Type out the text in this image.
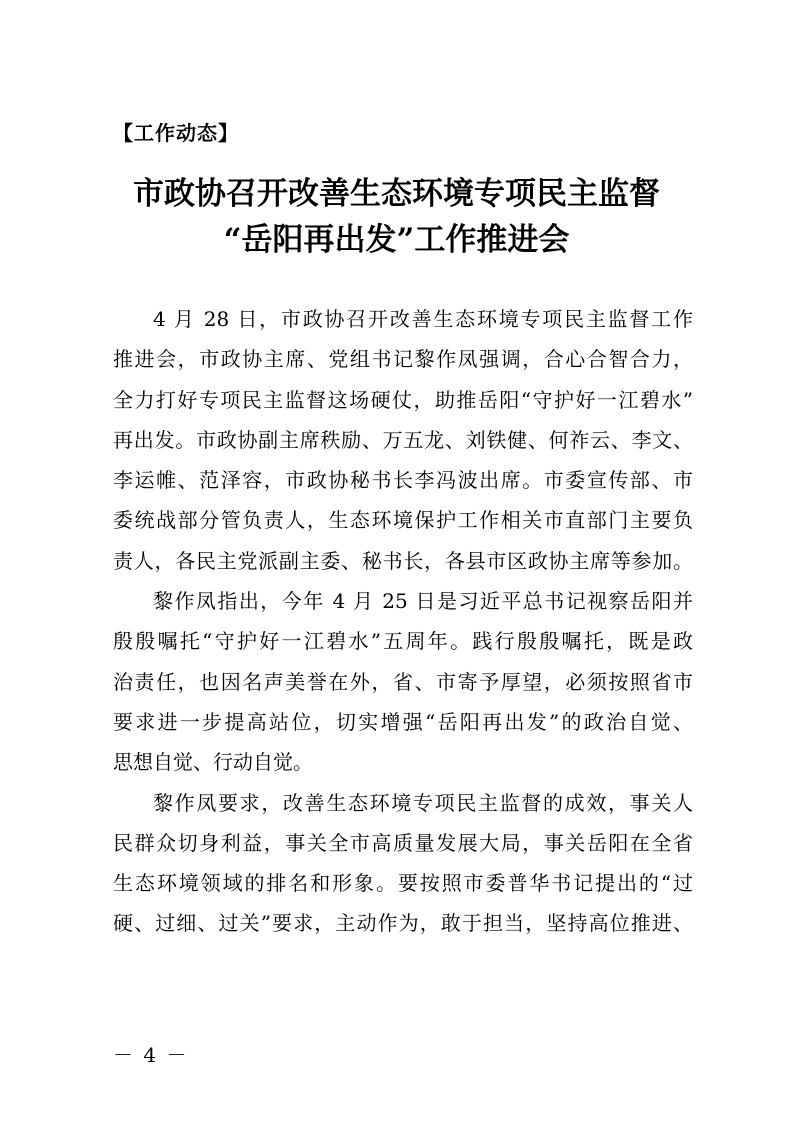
【工作动态】
市政协召开改善生态环境专项民主监督
“岳阳再出发”工作推进会
4 月 28 日，市政协召开改善生态环境专项民主监督工作
推进会，市政协主席、党组书记黎作凤强调，合心合智合力，
全力打好专项民主监督这场硬仗，助推岳阳“守护好一江碧水”
再出发。市政协副主席秩励、万五龙、刘铁健、何祚云、李文、
李运帷、范泽容，市政协秘书长李冯波出席。市委宣传部、市
委统战部分管负责人，生态环境保护工作相关市直部门主要负
责人，各民主党派副主委、秘书长，各县市区政协主席等参加。
黎作凤指出，今年 4 月 25 日是习近平总书记视察岳阳并
殷殷嘱托“守护好一江碧水”五周年。践行殷殷嘱托，既是政
治责任，也因名声美誉在外，省、市寄予厚望，必须按照省市
要求进一步提高站位，切实增强“岳阳再出发”的政治自觉、
思想自觉、行动自觉。
黎作凤要求，改善生态环境专项民主监督的成效，事关人
民群众切身利益，事关全市高质量发展大局，事关岳阳在全省
生态环境领域的排名和形象。要按照市委普华书记提出的“过
硬、过细、过关”要求，主动作为，敢于担当，坚持高位推进、
－ 4 －
